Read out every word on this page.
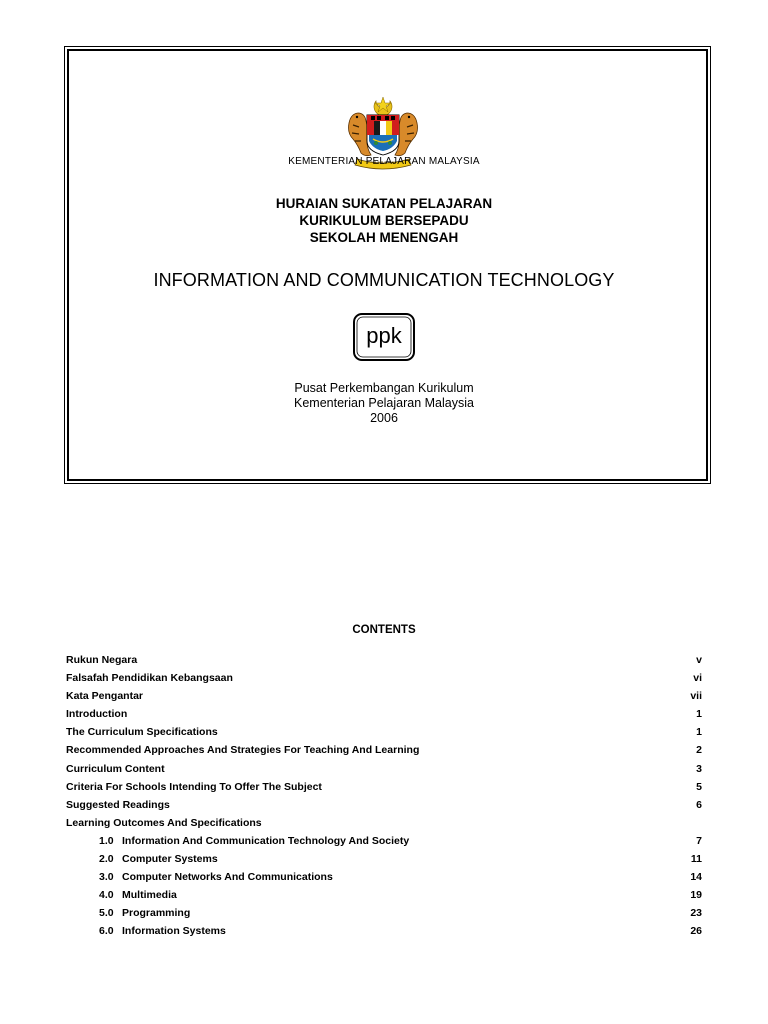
KEMENTERIAN PELAJARAN MALAYSIA
HURAIAN SUKATAN PELAJARAN
KURIKULUM BERSEPADU
SEKOLAH MENENGAH
INFORMATION AND COMMUNICATION TECHNOLOGY
ppk
Pusat Perkembangan Kurikulum
Kementerian Pelajaran Malaysia
2006
CONTENTS
Rukun Negara	v
Falsafah Pendidikan Kebangsaan	vi
Kata Pengantar	vii
Introduction	1
The Curriculum Specifications	1
Recommended Approaches And Strategies For Teaching And Learning	2
Curriculum Content	3
Criteria For Schools Intending To Offer The Subject	5
Suggested Readings	6
Learning Outcomes And Specifications
1.0 Information And Communication Technology And Society	7
2.0 Computer Systems	11
3.0 Computer Networks And Communications	14
4.0 Multimedia	19
5.0 Programming	23
6.0 Information Systems	26
